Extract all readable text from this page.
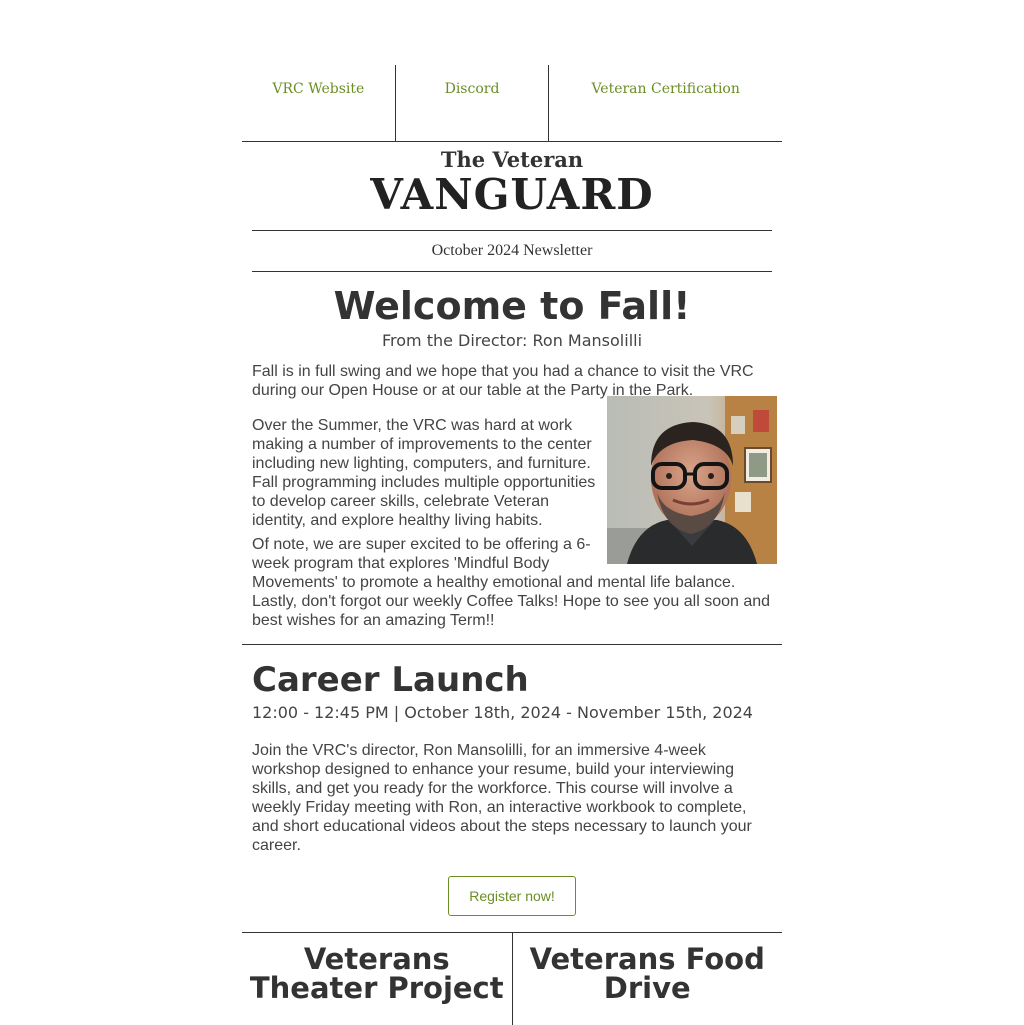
VRC Website	Discord	Veteran Certification
The Veteran
VANGUARD
October 2024 Newsletter
Welcome to Fall!
From the Director: Ron Mansolilli

Fall is in full swing and we hope that you had a chance to visit the VRC during our Open House or at our table at the Party in the Park.

Over the Summer, the VRC was hard at work making a number of improvements to the center including new lighting, computers, and furniture. Fall programming includes multiple opportunities to develop career skills, celebrate Veteran identity, and explore healthy living habits.

Of note, we are super excited to be offering a 6-week program that explores 'Mindful Body Movements' to promote a healthy emotional and mental life balance. Lastly, don't forgot our weekly Coffee Talks! Hope to see you all soon and best wishes for an amazing Term!!

Career Launch
12:00 - 12:45 PM | October 18th, 2024 - November 15th, 2024

Join the VRC's director, Ron Mansolilli, for an immersive 4-week workshop designed to enhance your resume, build your interviewing skills, and get you ready for the workforce. This course will involve a weekly Friday meeting with Ron, an interactive workbook to complete, and short educational videos about the steps necessary to launch your career.

Register now!
Veterans Theater Project
Veterans Food Drive
